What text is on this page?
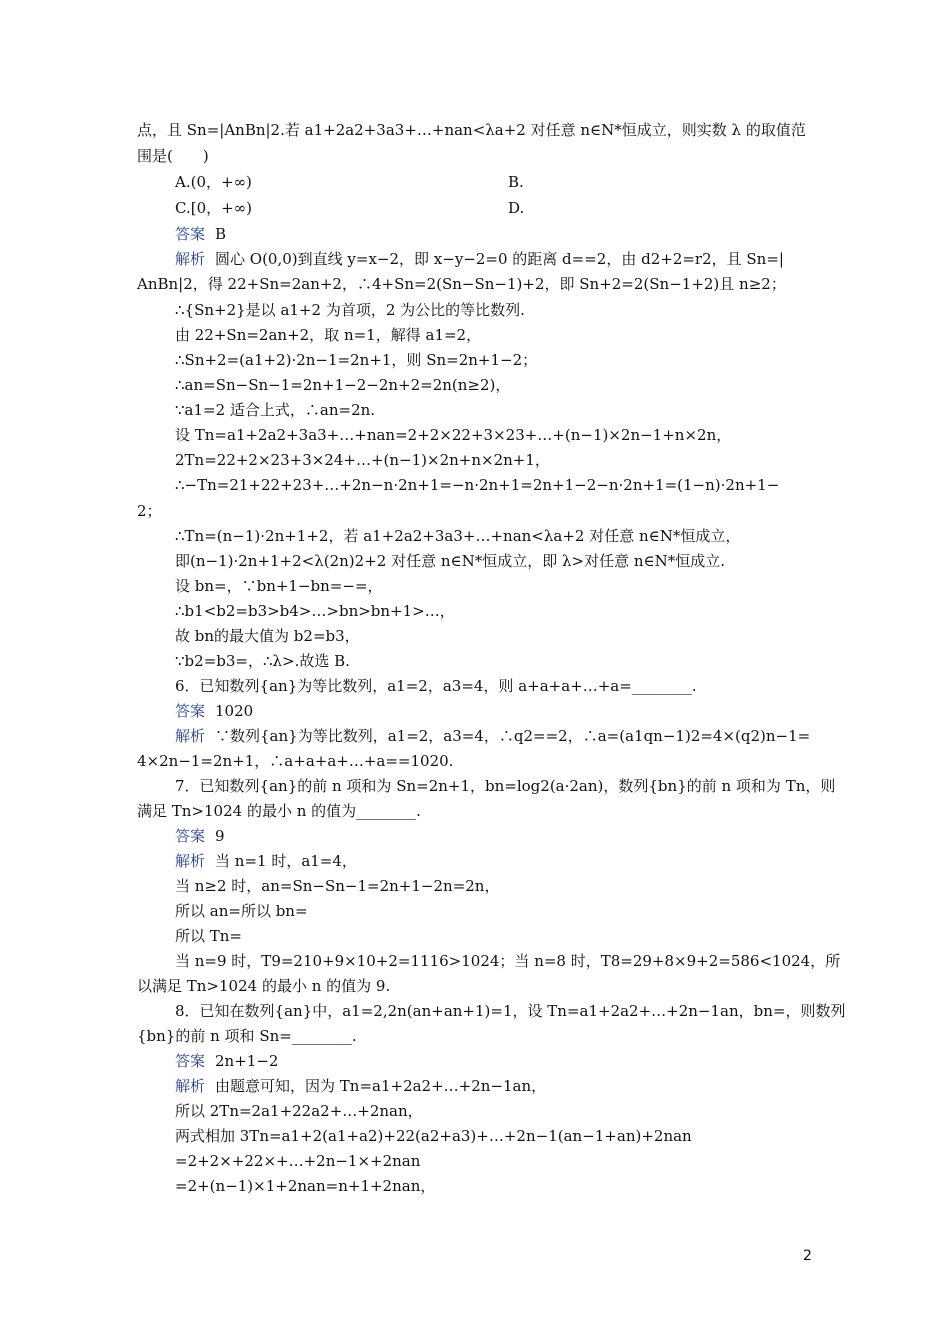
点，且 Sn=|AnBn|2.若 a1+2a2+3a3+…+nan<λa+2 对任意 n∈N*恒成立，则实数 λ 的取值范
围是(　　)
A.(0，+∞)	B.
C.[0，+∞)	D.
答案 B
解析 圆心 O(0,0)到直线 y=x−2，即 x−y−2=0 的距离 d==2，由 d2+2=r2，且 Sn=|
AnBn|2，得 22+Sn=2an+2，∴4+Sn=2(Sn−Sn−1)+2，即 Sn+2=2(Sn−1+2)且 n≥2；
∴{Sn+2}是以 a1+2 为首项，2 为公比的等比数列.
由 22+Sn=2an+2，取 n=1，解得 a1=2，
∴Sn+2=(a1+2)·2n−1=2n+1，则 Sn=2n+1−2；
∴an=Sn−Sn−1=2n+1−2−2n+2=2n(n≥2)，
∵a1=2 适合上式，∴an=2n.
设 Tn=a1+2a2+3a3+…+nan=2+2×22+3×23+…+(n−1)×2n−1+n×2n，
2Tn=22+2×23+3×24+…+(n−1)×2n+n×2n+1，
∴−Tn=21+22+23+…+2n−n·2n+1=−n·2n+1=2n+1−2−n·2n+1=(1−n)·2n+1−
2；
∴Tn=(n−1)·2n+1+2，若 a1+2a2+3a3+…+nan<λa+2 对任意 n∈N*恒成立，
即(n−1)·2n+1+2<λ(2n)2+2 对任意 n∈N*恒成立，即 λ>对任意 n∈N*恒成立.
设 bn=，∵bn+1−bn=−=，
∴b1<b2=b3>b4>…>bn>bn+1>…，
故 bn的最大值为 b2=b3，
∵b2=b3=，∴λ>.故选 B.
6．已知数列{an}为等比数列，a1=2，a3=4，则 a+a+a+…+a=________.
答案 1020
解析 ∵数列{an}为等比数列，a1=2，a3=4，∴q2==2，∴a=(a1qn−1)2=4×(q2)n−1=
4×2n−1=2n+1，∴a+a+a+…+a==1020.
7．已知数列{an}的前 n 项和为 Sn=2n+1，bn=log2(a·2an)，数列{bn}的前 n 项和为 Tn，则
满足 Tn>1024 的最小 n 的值为________.
答案 9
解析 当 n=1 时，a1=4，
当 n≥2 时，an=Sn−Sn−1=2n+1−2n=2n，
所以 an=所以 bn=
所以 Tn=
当 n=9 时，T9=210+9×10+2=1116>1024；当 n=8 时，T8=29+8×9+2=586<1024，所
以满足 Tn>1024 的最小 n 的值为 9.
8．已知在数列{an}中，a1=2,2n(an+an+1)=1，设 Tn=a1+2a2+…+2n−1an，bn=，则数列
{bn}的前 n 项和 Sn=________.
答案 2n+1−2
解析 由题意可知，因为 Tn=a1+2a2+…+2n−1an，
所以 2Tn=2a1+22a2+…+2nan，
两式相加 3Tn=a1+2(a1+a2)+22(a2+a3)+…+2n−1(an−1+an)+2nan
=2+2×+22×+…+2n−1×+2nan
=2+(n−1)×1+2nan=n+1+2nan，
2
